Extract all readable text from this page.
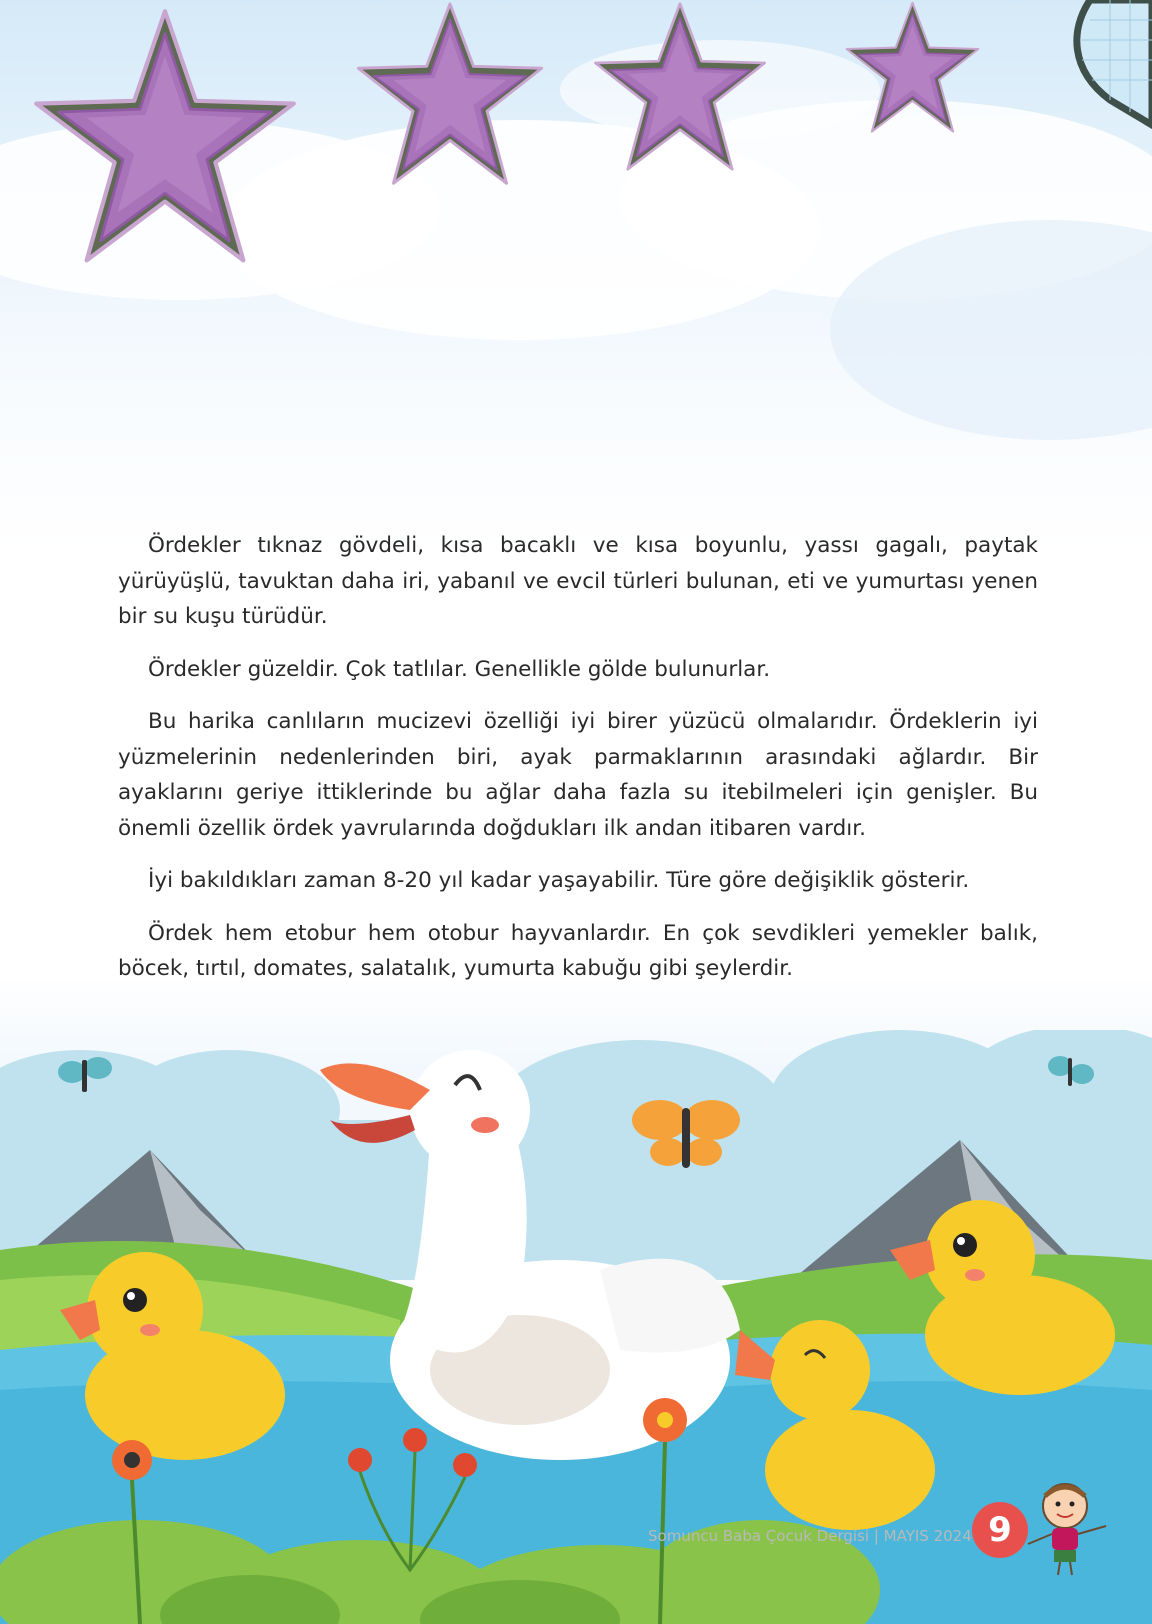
Ördekler tıknaz gövdeli, kısa bacaklı ve kısa boyunlu, yassı gagalı, paytak yürüyüşlü, tavuktan daha iri, yabanıl ve evcil türleri bulunan, eti ve yumurtası yenen bir su kuşu türüdür.

Ördekler güzeldir. Çok tatlılar. Genellikle gölde bulunurlar.

Bu harika canlıların mucizevi özelliği iyi birer yüzücü olmalarıdır. Ördeklerin iyi yüzmelerinin nedenlerinden biri, ayak parmaklarının arasındaki ağlardır. Bir ayaklarını geriye ittiklerinde bu ağlar daha fazla su itebilmeleri için genişler. Bu önemli özellik ördek yavrularında doğdukları ilk andan itibaren vardır.

İyi bakıldıkları zaman 8-20 yıl kadar yaşayabilir. Türe göre değişiklik gösterir.

Ördek hem etobur hem otobur hayvanlardır. En çok sevdikleri yemekler balık, böcek, tırtıl, domates, salatalık, yumurta kabuğu gibi şeylerdir.

Somuncu Baba Çocuk Dergisi | MAYIS 2024 9
